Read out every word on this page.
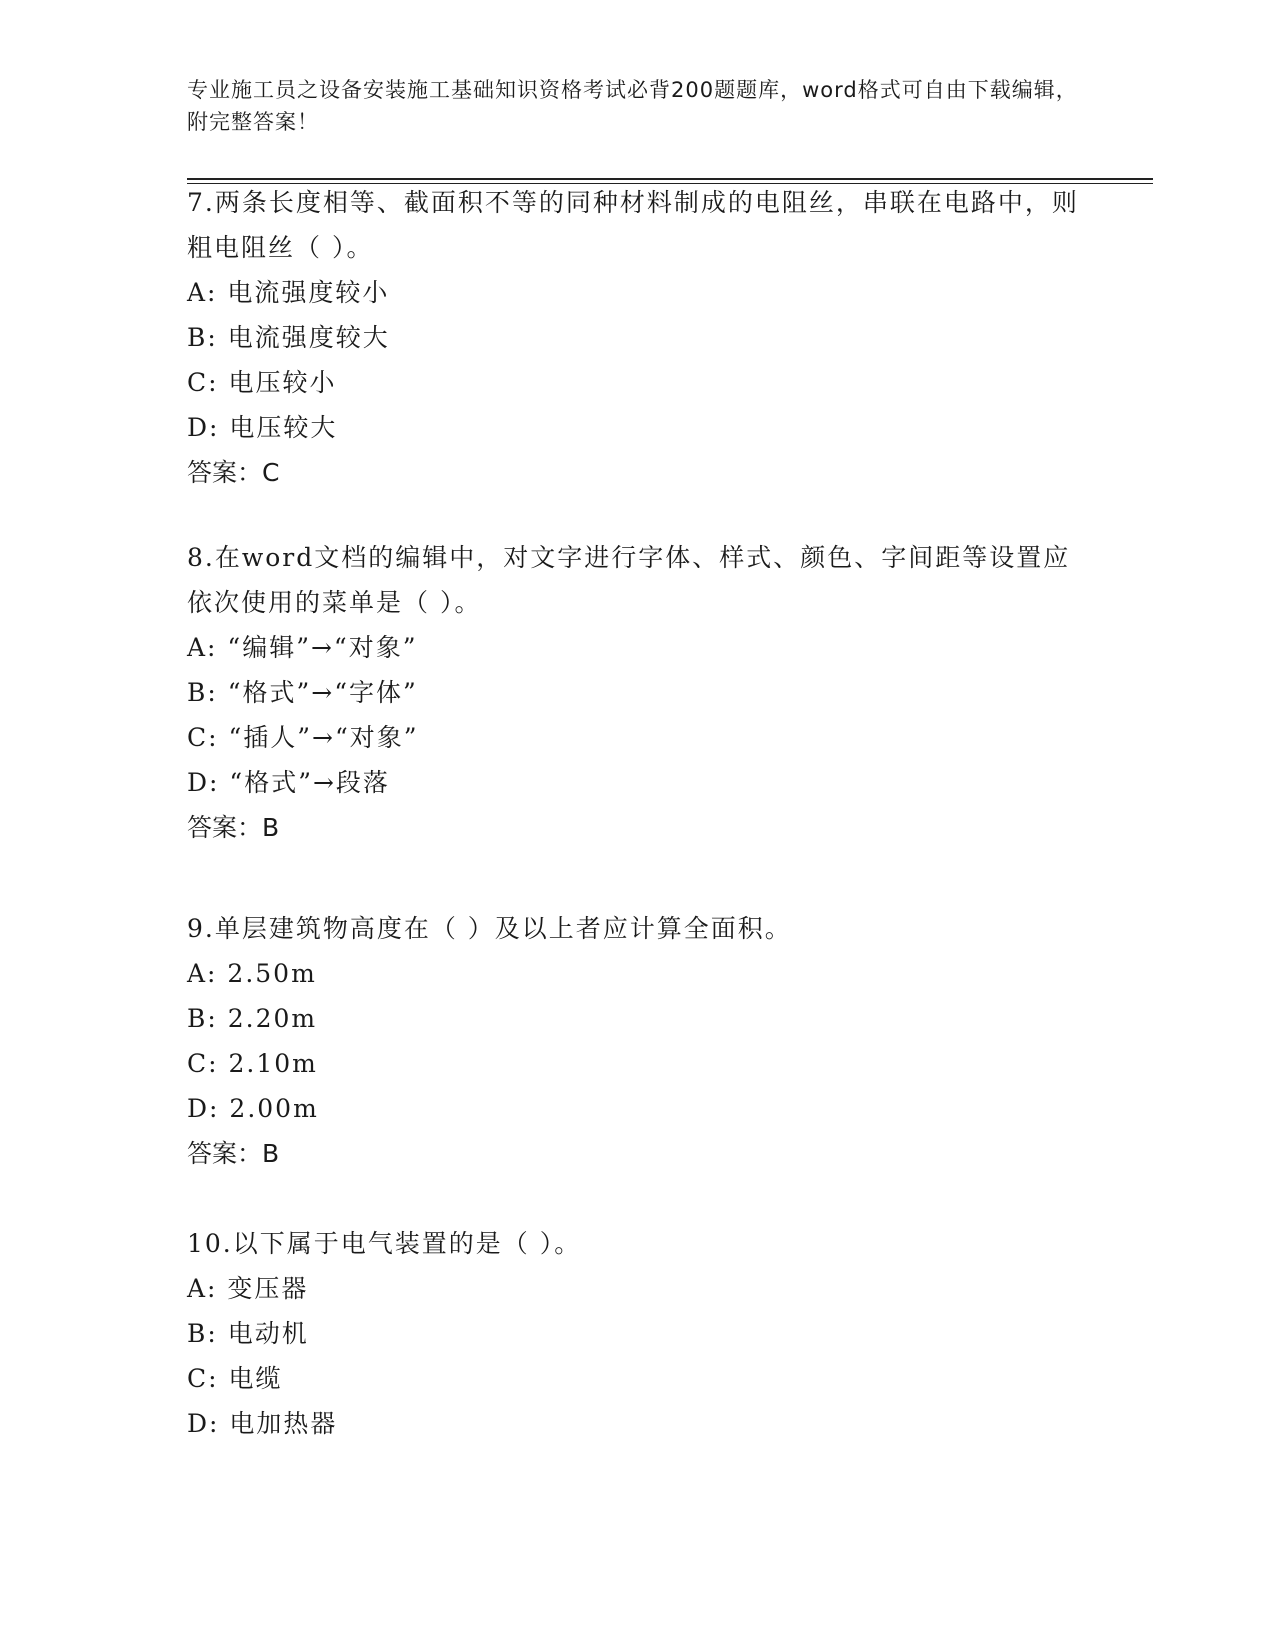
专业施工员之设备安装施工基础知识资格考试必背200题题库，word格式可自由下载编辑，附完整答案！
7.两条长度相等、截面积不等的同种材料制成的电阻丝，串联在电路中，则粗电阻丝（ ）。
A: 电流强度较小
B: 电流强度较大
C: 电压较小
D: 电压较大
答案：C
8.在word文档的编辑中，对文字进行字体、样式、颜色、字间距等设置应依次使用的菜单是（ ）。
A: “编辑”→“对象”
B: “格式”→“字体”
C: “插人”→“对象”
D: “格式”→段落
答案：B
9.单层建筑物高度在（ ）及以上者应计算全面积。
A: 2.50m
B: 2.20m
C: 2.10m
D: 2.00m
答案：B
10.以下属于电气装置的是（ ）。
A: 变压器
B: 电动机
C: 电缆
D: 电加热器
